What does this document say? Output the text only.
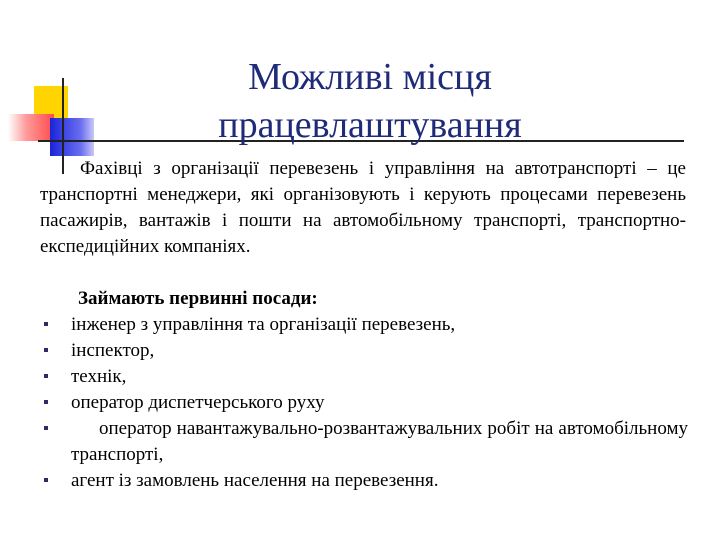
Можливі місця працевлаштування

Фахівці з організації перевезень і управління на автотранспорті – це транспортні менеджери, які організовують і керують процесами перевезень пасажирів, вантажів і пошти на автомобільному транспорті, транспортно-експедиційних компаніях.

Займають первинні посади:
інженер з управління та організації перевезень,
інспектор,
технік,
оператор диспетчерського руху
оператор навантажувально-розвантажувальних робіт на автомобільному транспорті,
агент із замовлень населення на перевезення.
